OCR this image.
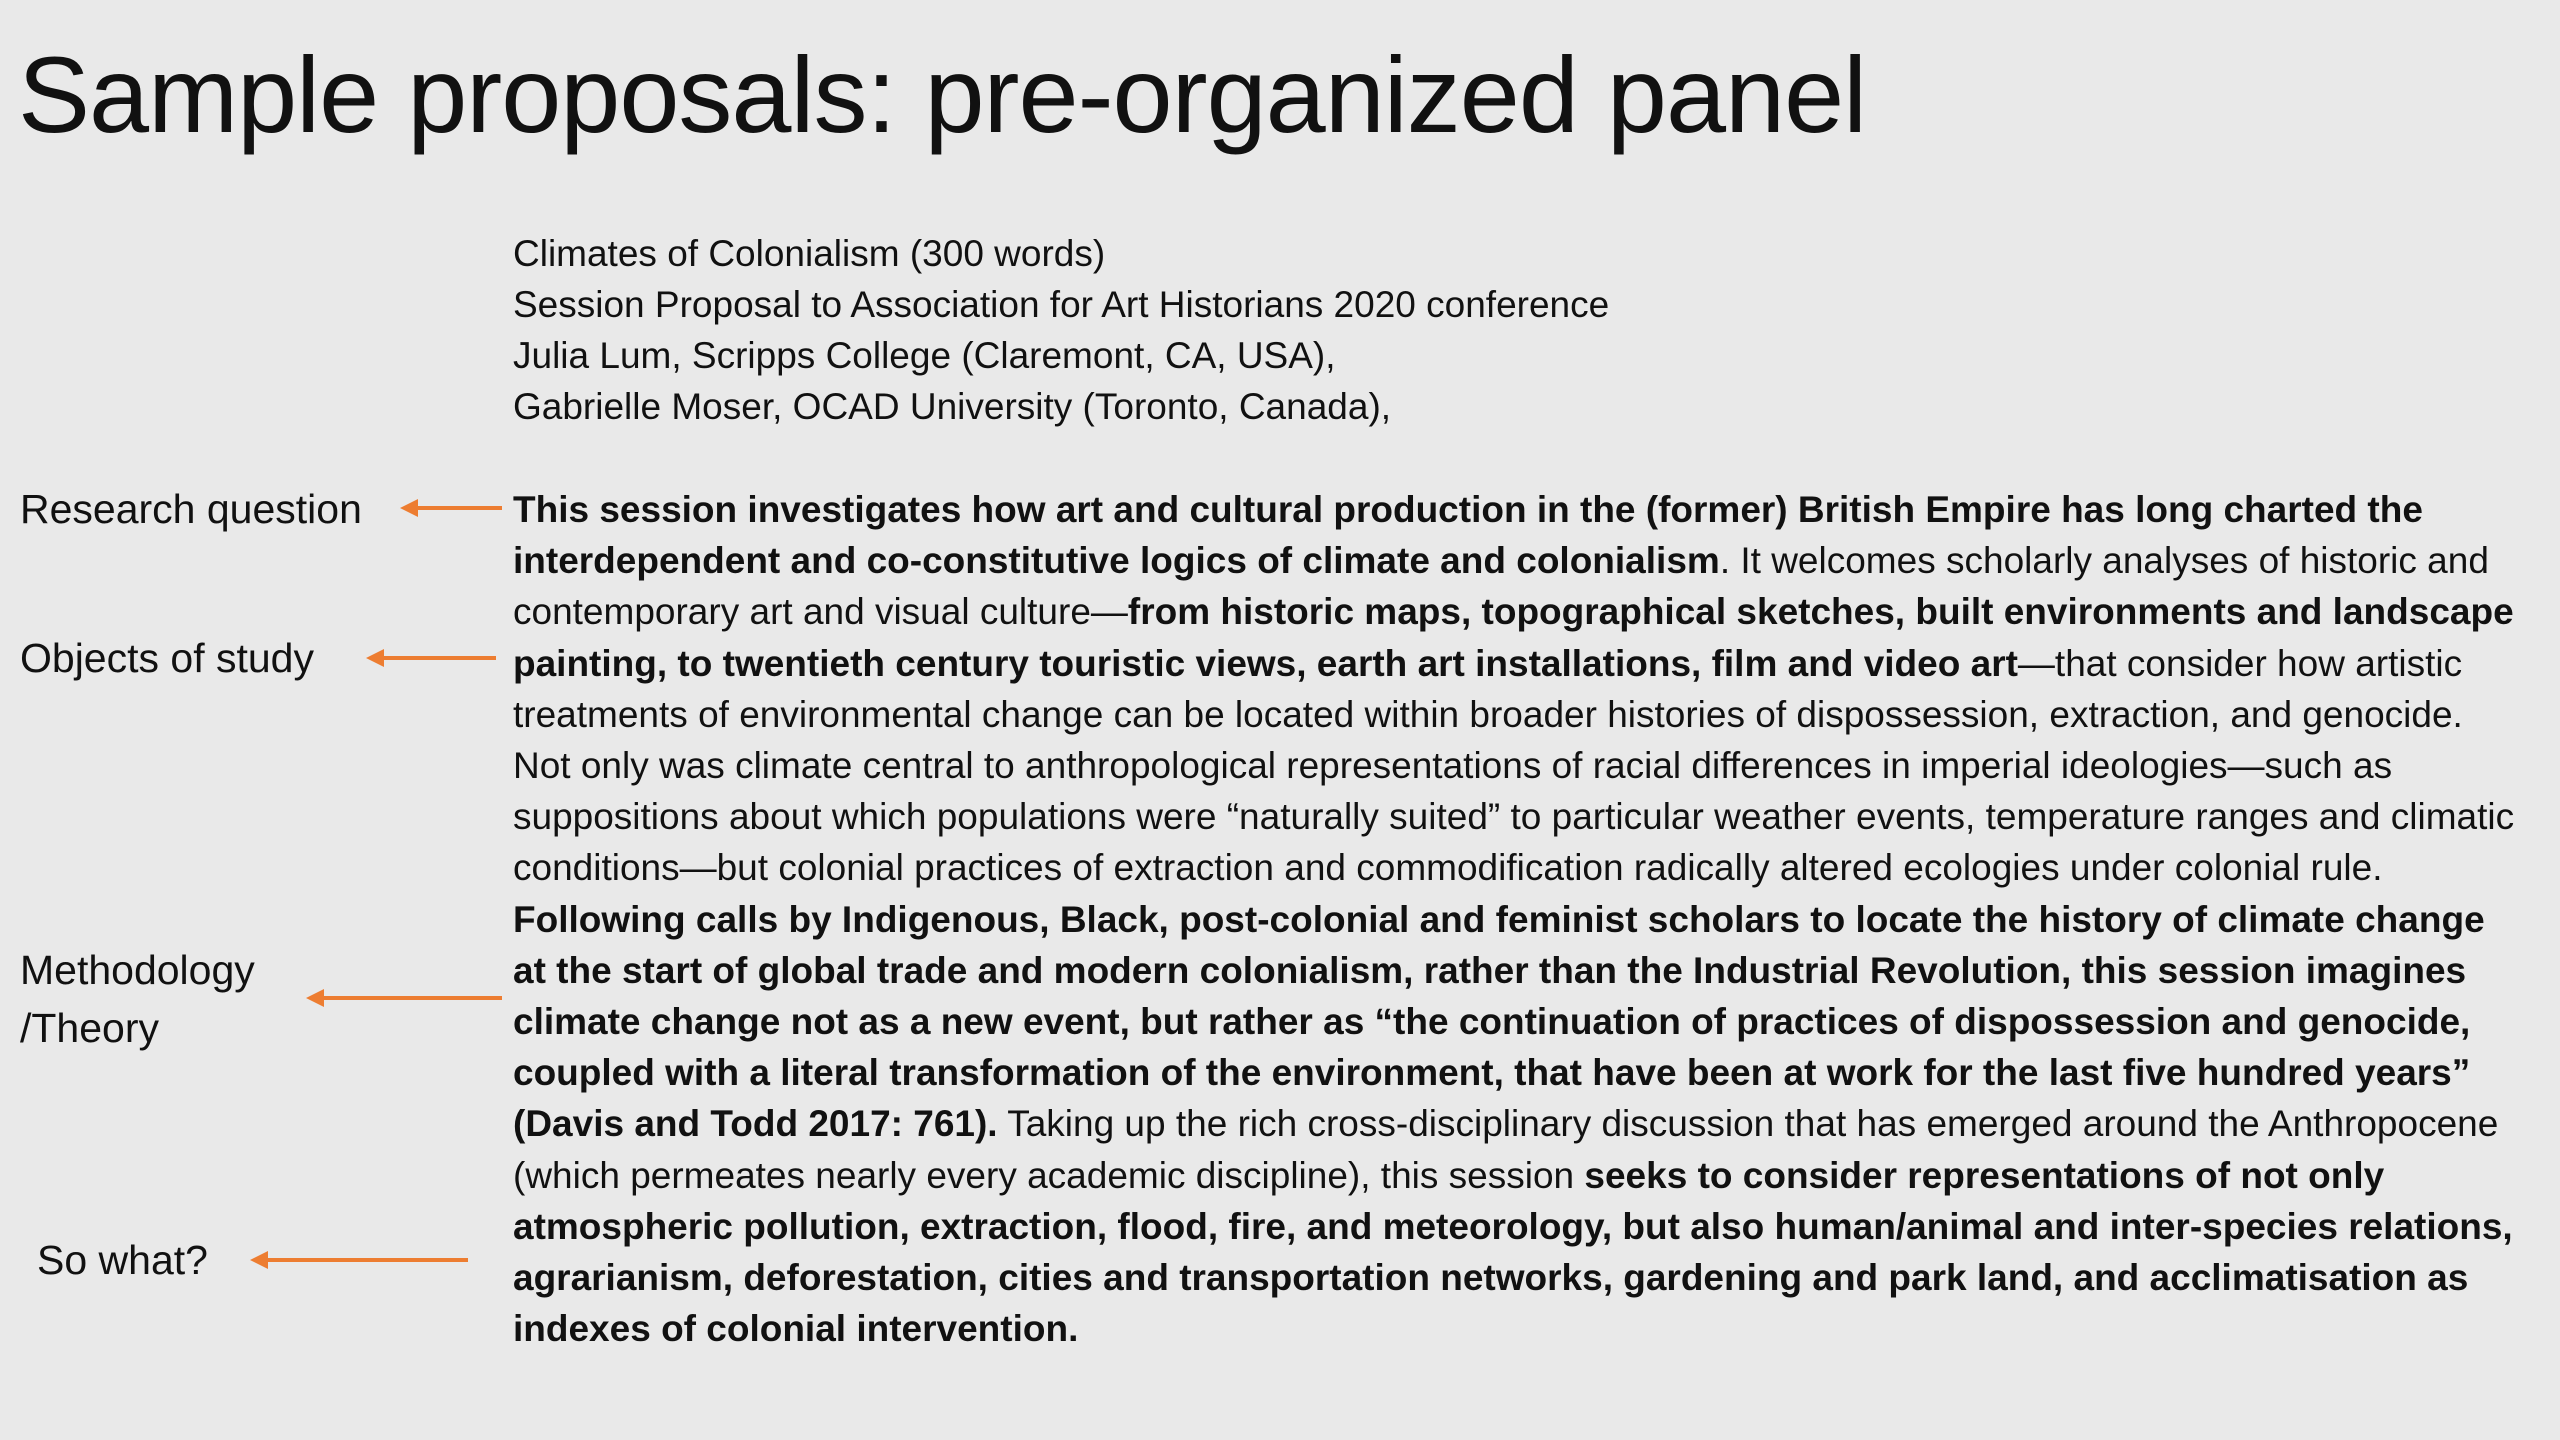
Sample proposals: pre-organized panel
Climates of Colonialism (300 words)
Session Proposal to Association for Art Historians 2020 conference
Julia Lum, Scripps College (Claremont, CA, USA),
Gabrielle Moser, OCAD University (Toronto, Canada),

This session investigates how art and cultural production in the (former) British Empire has long charted the interdependent and co-constitutive logics of climate and colonialism. It welcomes scholarly analyses of historic and contemporary art and visual culture—from historic maps, topographical sketches, built environments and landscape painting, to twentieth century touristic views, earth art installations, film and video art—that consider how artistic treatments of environmental change can be located within broader histories of dispossession, extraction, and genocide. Not only was climate central to anthropological representations of racial differences in imperial ideologies—such as suppositions about which populations were “naturally suited” to particular weather events, temperature ranges and climatic conditions—but colonial practices of extraction and commodification radically altered ecologies under colonial rule. Following calls by Indigenous, Black, post-colonial and feminist scholars to locate the history of climate change at the start of global trade and modern colonialism, rather than the Industrial Revolution, this session imagines climate change not as a new event, but rather as “the continuation of practices of dispossession and genocide, coupled with a literal transformation of the environment, that have been at work for the last five hundred years” (Davis and Todd 2017: 761). Taking up the rich cross-disciplinary discussion that has emerged around the Anthropocene (which permeates nearly every academic discipline), this session seeks to consider representations of not only atmospheric pollution, extraction, flood, fire, and meteorology, but also human/animal and inter-species relations, agrarianism, deforestation, cities and transportation networks, gardening and park land, and acclimatisation as indexes of colonial intervention.

Research question
Objects of study
Methodology
/Theory
So what?
